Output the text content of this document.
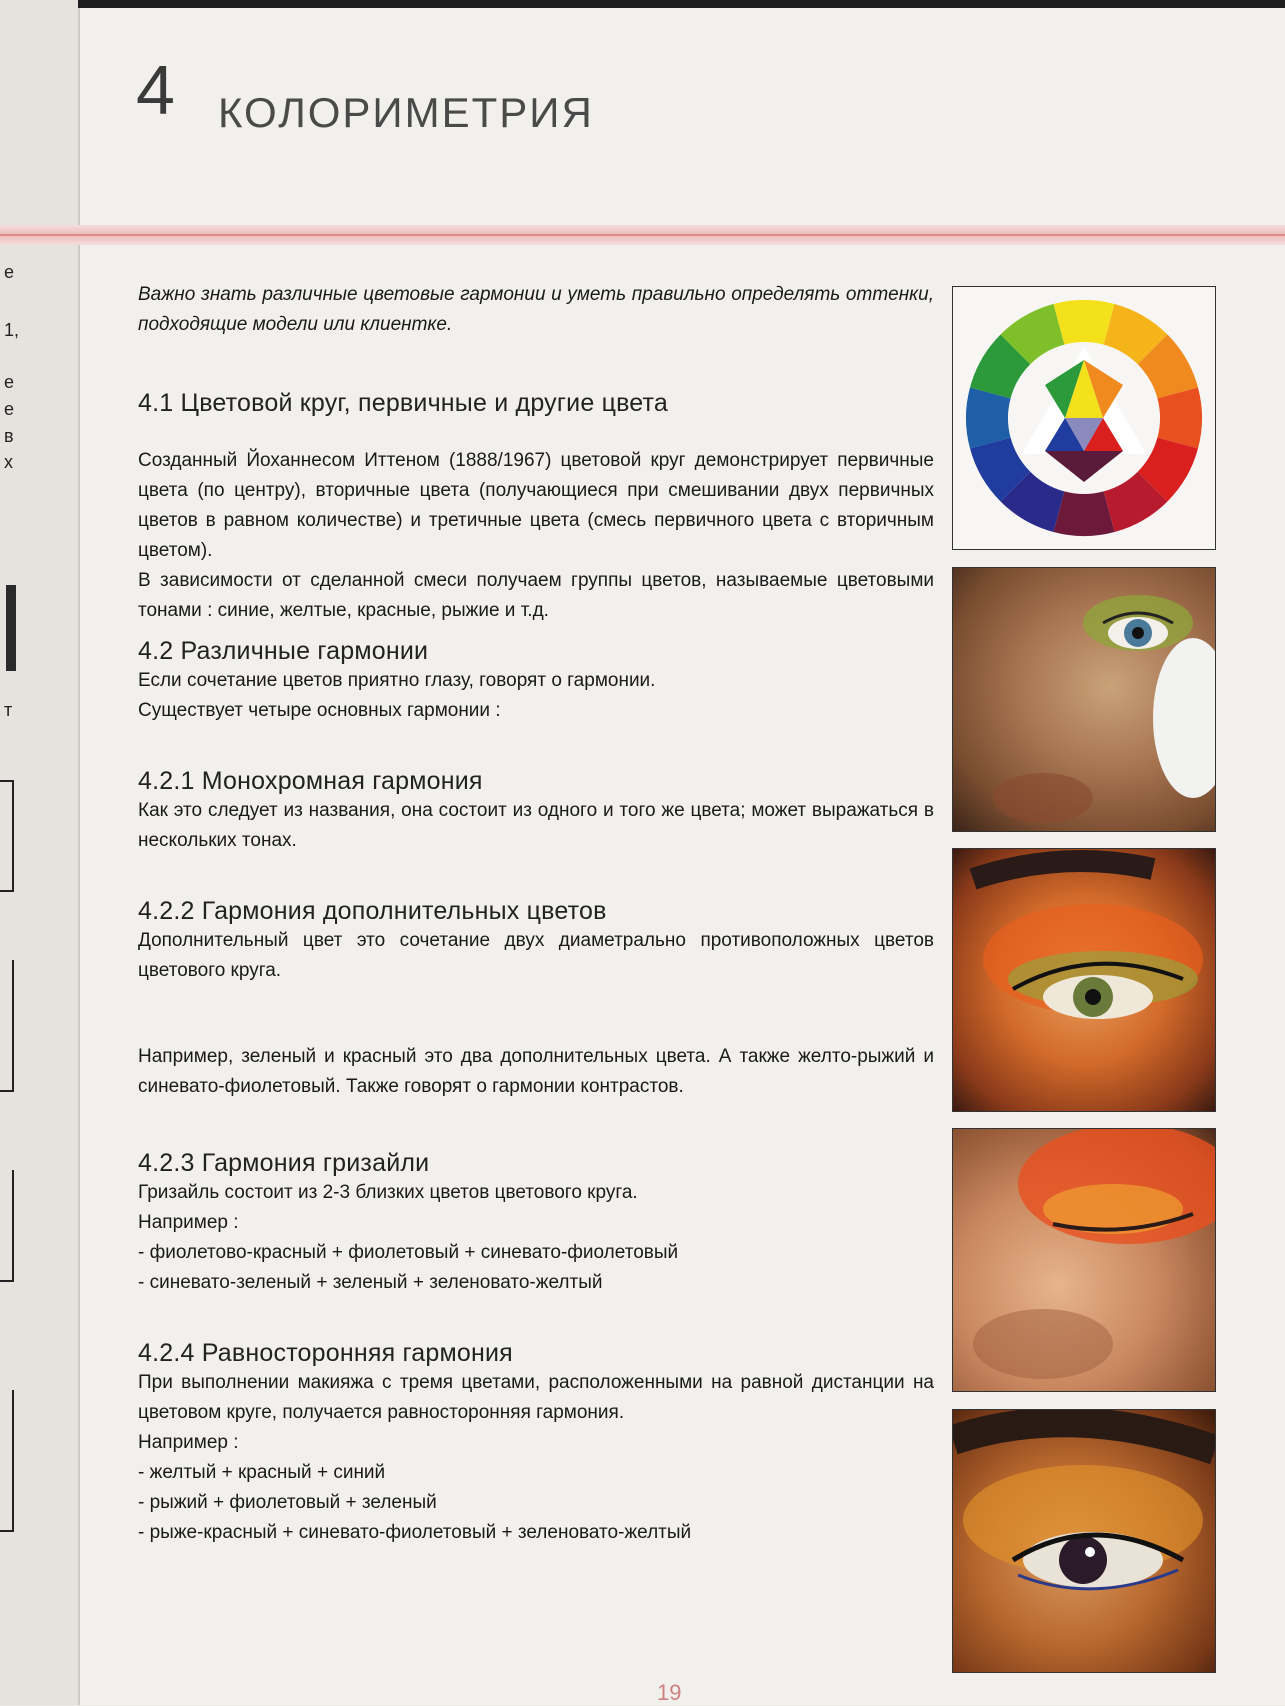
е
1,
е
е
в
х
т
4 КОЛОРИМЕТРИЯ

Важно знать различные цветовые гармонии и уметь правильно определять оттенки, подходящие модели или клиентке.

4.1 Цветовой круг, первичные и другие цвета

Созданный Йоханнесом Иттеном (1888/1967) цветовой круг демонстрирует первичные цвета (по центру), вторичные цвета (получающиеся при смешивании двух первичных цветов в равном количестве) и третичные цвета (смесь первичного цвета с вторичным цветом).

В зависимости от сделанной смеси получаем группы цветов, называемые цветовыми тонами : синие, желтые, красные, рыжие и т.д.

4.2 Различные гармонии

Если сочетание цветов приятно глазу, говорят о гармонии.

Существует четыре основных гармонии :

4.2.1 Монохромная гармония

Как это следует из названия, она состоит из одного и того же цвета; может выражаться в нескольких тонах.

4.2.2 Гармония дополнительных цветов

Дополнительный цвет это сочетание двух диаметрально противоположных цветов цветового круга.

Например, зеленый и красный это два дополнительных цвета. А также желто-рыжий и синевато-фиолетовый. Также говорят о гармонии контрастов.

4.2.3 Гармония гризайли

Гризайль состоит из 2-3 близких цветов цветового круга.

Например :

- фиолетово-красный + фиолетовый + синевато-фиолетовый

- синевато-зеленый + зеленый + зеленовато-желтый

4.2.4 Равносторонняя гармония

При выполнении макияжа с тремя цветами, расположенными на равной дистанции на цветовом круге, получается равносторонняя гармония.

Например :

- желтый + красный + синий

- рыжий + фиолетовый + зеленый

- рыже-красный + синевато-фиолетовый + зеленовато-желтый

19
